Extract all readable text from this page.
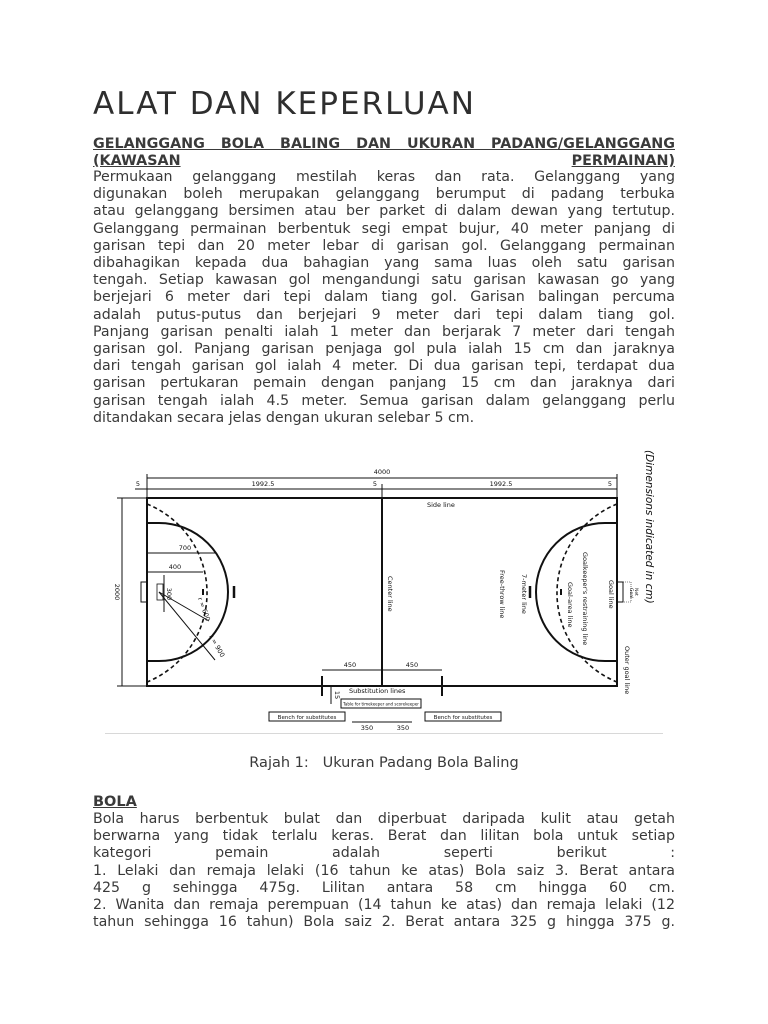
ALAT DAN KEPERLUAN
GELANGGANG BOLA BALING DAN UKURAN PADANG/GELANGGANG
(KAWASAN	PERMAINAN)
Permukaan gelanggang mestilah keras dan rata. Gelanggang yang
digunakan boleh merupakan gelanggang berumput di padang terbuka
atau gelanggang bersimen atau ber parket di dalam dewan yang tertutup.
Gelanggang permainan berbentuk segi empat bujur, 40 meter panjang di
garisan tepi dan 20 meter lebar di garisan gol. Gelanggang permainan
dibahagikan kepada dua bahagian yang sama luas oleh satu garisan
tengah. Setiap kawasan gol mengandungi satu garisan kawasan go yang
berjejari 6 meter dari tepi dalam tiang gol. Garisan balingan percuma
adalah putus-putus dan berjejari 9 meter dari tepi dalam tiang gol.
Panjang garisan penalti ialah 1 meter dan berjarak 7 meter dari tengah
garisan gol. Panjang garisan penjaga gol pula ialah 15 cm dan jaraknya
dari tengah garisan gol ialah 4 meter. Di dua garisan tepi, terdapat dua
garisan pertukaran pemain dengan panjang 15 cm dan jaraknya dari
garisan tengah ialah 4.5 meter. Semua garisan dalam gelanggang perlu
ditandakan secara jelas dengan ukuran selebar 5 cm.
4000
1992.5	1992.5
5	5	5
2000
700
400
300
r = 600
r = 900
450	450
15
350	350
Side line
Center line
Substitution lines
Table for timekeeper and scorekeeper
Bench for substitutes	Bench for substitutes
Goalkeeper's restraining line	Goal line
Goal-area line
7-meter line
Free-throw line
Outer goal line
Net
Goal (Dimensions indicated in cm)
Rajah 1:   Ukuran Padang Bola Baling
BOLA
Bola harus berbentuk bulat dan diperbuat daripada kulit atau getah
berwarna yang tidak terlalu keras. Berat dan lilitan bola untuk setiap
kategori pemain adalah seperti berikut :
1. Lelaki dan remaja lelaki (16 tahun ke atas) Bola saiz 3. Berat antara
425 g sehingga 475g. Lilitan antara 58 cm hingga 60 cm.
2. Wanita dan remaja perempuan (14 tahun ke atas) dan remaja lelaki (12
tahun sehingga 16 tahun) Bola saiz 2. Berat antara 325 g hingga 375 g.
